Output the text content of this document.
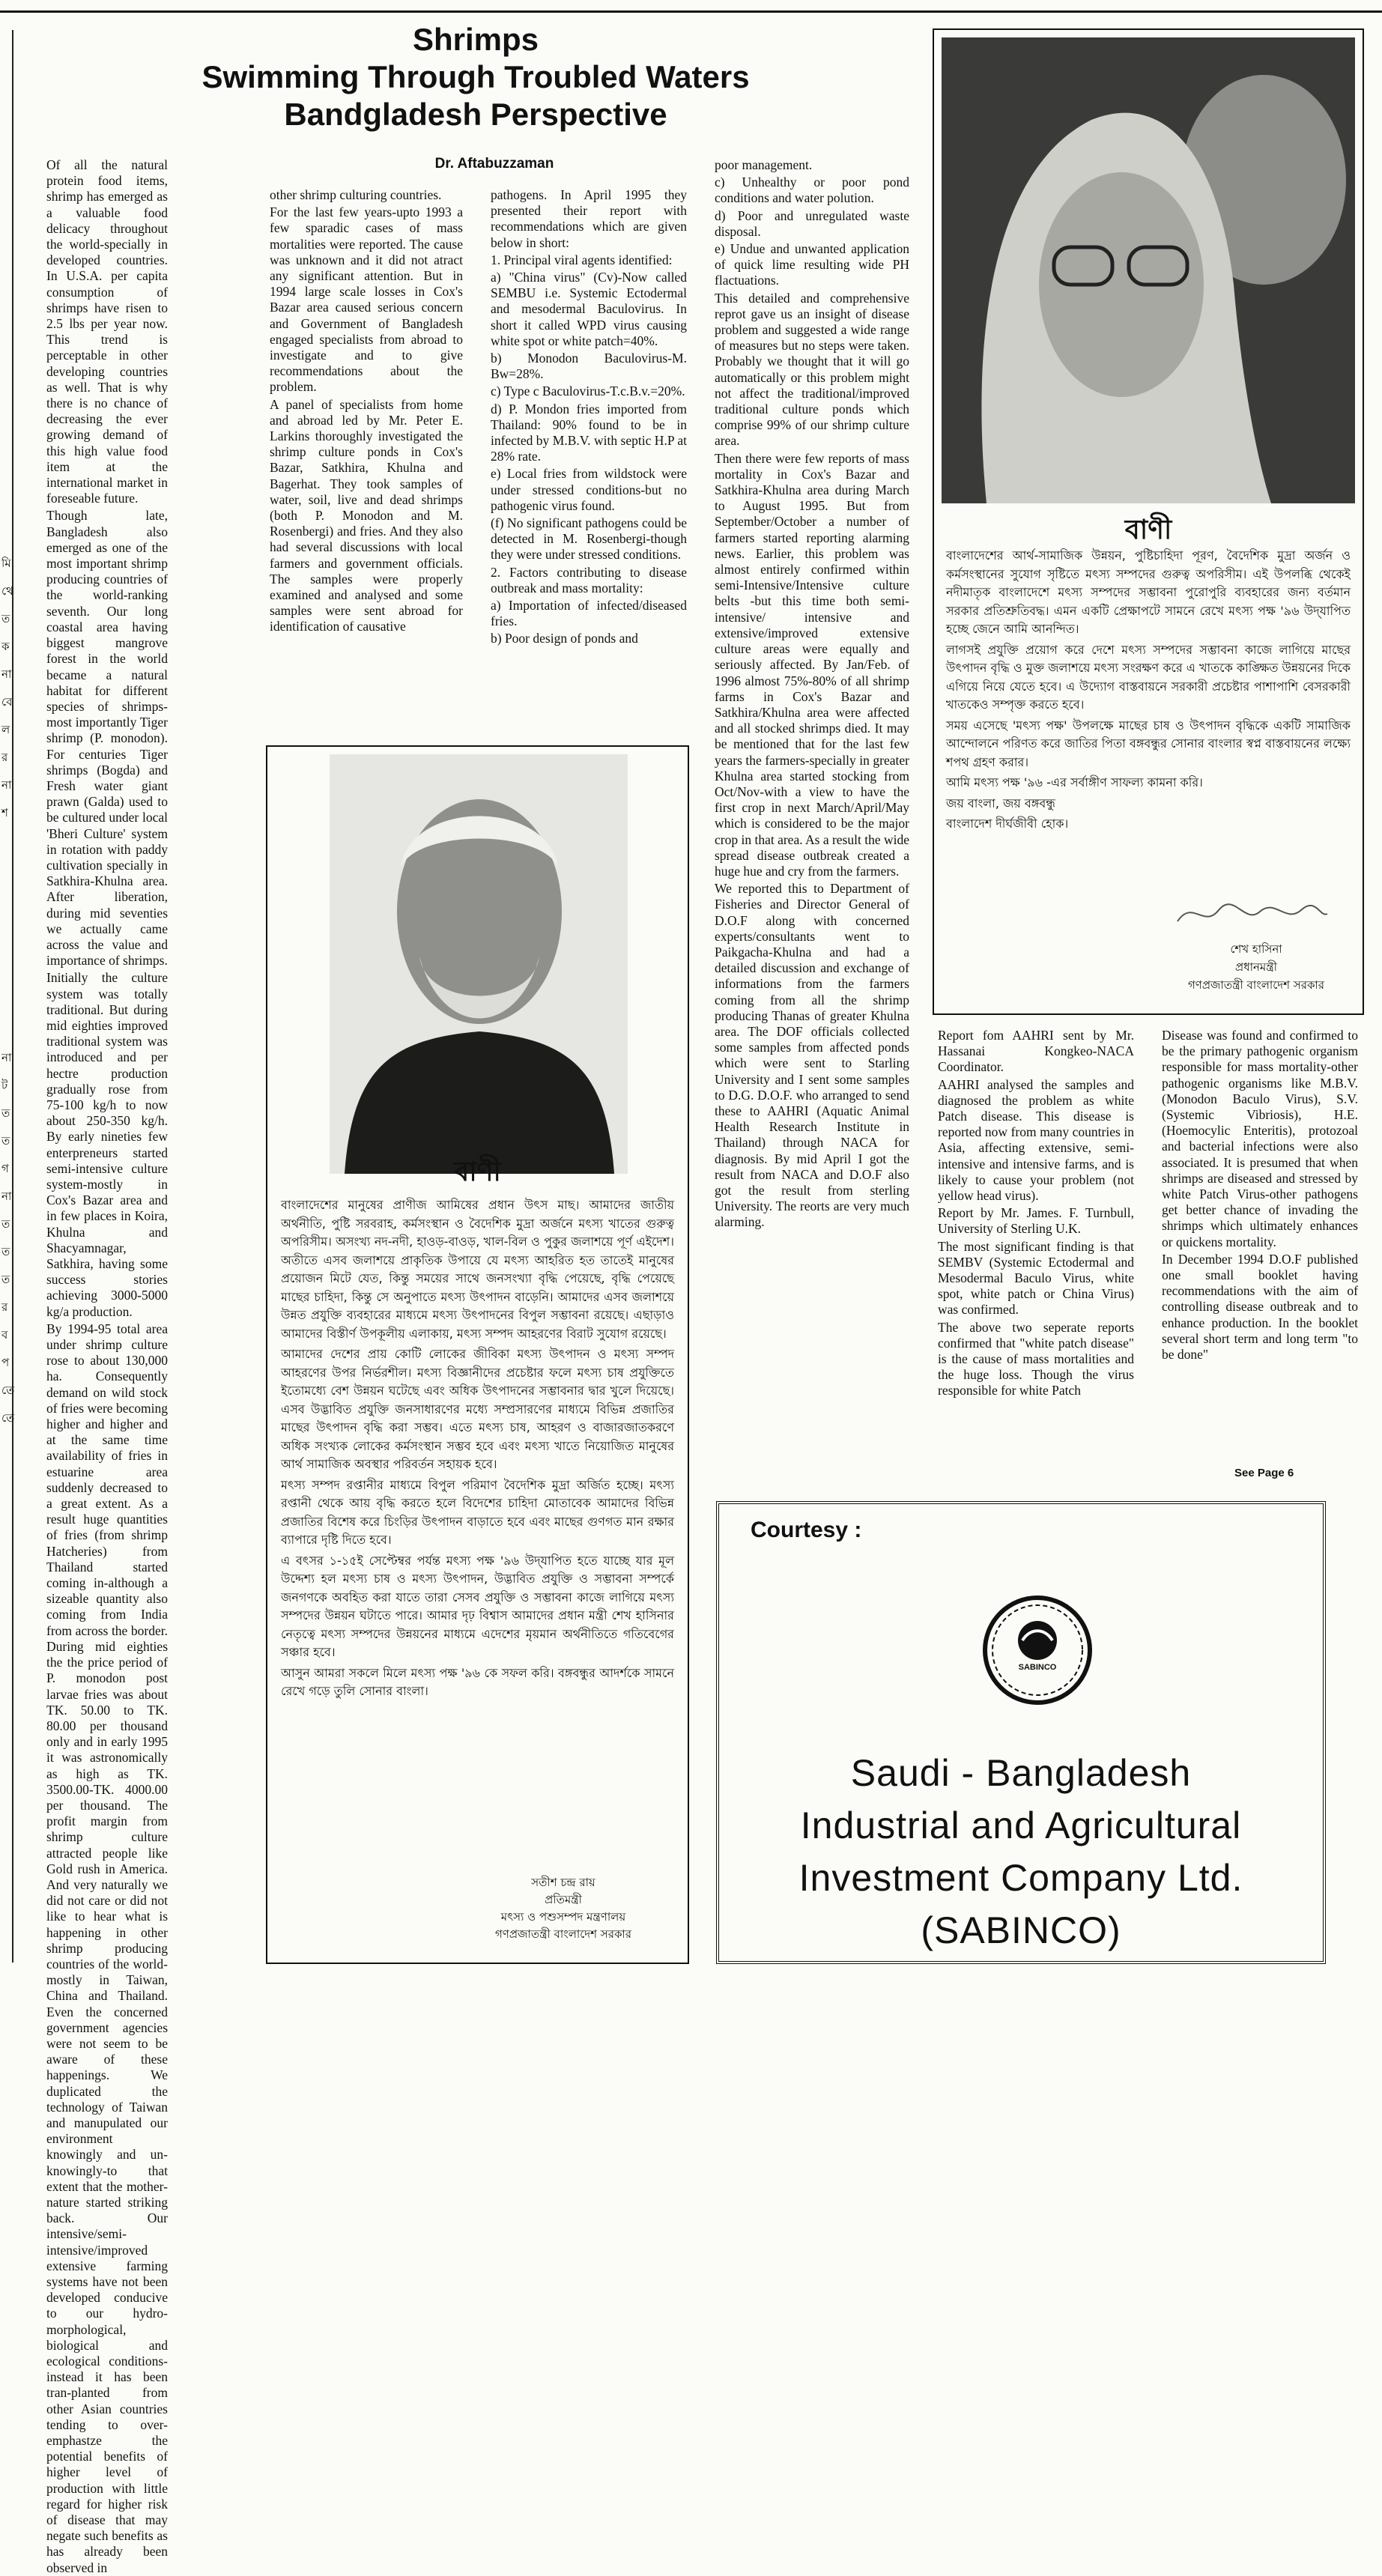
মি
থে
ত
ক
না
বে
ল
র
না
শ
না
ট
ত
ত
গ
না
ত
ত
ত
র
ব
প
তে
তে
Shrimps
Swimming Through Troubled Waters
Bandgladesh Perspective
Dr. Aftabuzzaman

Of all the natural protein food items, shrimp has emerged as a valuable food delicacy throughout the world-specially in developed countries. In U.S.A. per capita consumption of shrimps have risen to 2.5 lbs per year now. This trend is perceptable in other developing countries as well. That is why there is no chance of decreasing the ever growing demand of this high value food item at the international market in foreseable future.

Though late, Bangladesh also emerged as one of the most important shrimp producing countries of the world-ranking seventh. Our long coastal area having biggest mangrove forest in the world became a natural habitat for different species of shrimps-most importantly Tiger shrimp (P. monodon). For centuries Tiger shrimps (Bogda) and Fresh water giant prawn (Galda) used to be cultured under local 'Bheri Culture' system in rotation with paddy cultivation specially in Satkhira-Khulna area. After liberation, during mid seventies we actually came across the value and importance of shrimps.

Initially the culture system was totally traditional. But during mid eighties improved traditional system was introduced and per hectre production gradually rose from 75-100 kg/h to now about 250-350 kg/h. By early nineties few enterpreneurs started semi-intensive culture system-mostly in Cox's Bazar area and in few places in Koira, Khulna and Shacyamnagar, Satkhira, having some success stories achieving 3000-5000 kg/a production.

By 1994-95 total area under shrimp culture rose to about 130,000 ha. Consequently demand on wild stock of fries were becoming higher and higher and at the same time availability of fries in estuarine area suddenly decreased to a great extent. As a result huge quantities of fries (from shrimp Hatcheries) from Thailand started coming in-although a sizeable quantity also coming from India from across the border. During mid eighties the the price period of P. monodon post larvae fries was about TK. 50.00 to TK. 80.00 per thousand only and in early 1995 it was astronomically as high as TK. 3500.00-TK. 4000.00 per thousand. The profit margin from shrimp culture attracted people like Gold rush in America. And very naturally we did not care or did not like to hear what is happening in other shrimp producing countries of the world-mostly in Taiwan, China and Thailand. Even the concerned government agencies were not seem to be aware of these happenings. We duplicated the technology of Taiwan and manupulated our environment knowingly and un-knowingly-to that extent that the mother-nature started striking back. Our intensive/semi-intensive/improved extensive farming systems have not been developed conducive to our hydro-morphological, biological and ecological conditions-instead it has been tran-planted from other Asian countries tending to over-emphastze the potential benefits of higher level of production with little regard for higher risk of disease that may negate such benefits as has already been observed in

other shrimp culturing countries.

For the last few years-upto 1993 a few sparadic cases of mass mortalities were reported. The cause was unknown and it did not atract any significant attention. But in 1994 large scale losses in Cox's Bazar area caused serious concern and Government of Bangladesh engaged specialists from abroad to investigate and to give recommendations about the problem.

A panel of specialists from home and abroad led by Mr. Peter E. Larkins thoroughly investigated the shrimp culture ponds in Cox's Bazar, Satkhira, Khulna and Bagerhat. They took samples of water, soil, live and dead shrimps (both P. Monodon and M. Rosenbergi) and fries. And they also had several discussions with local farmers and government officials. The samples were properly examined and analysed and some samples were sent abroad for identification of causative

pathogens. In April 1995 they presented their report with recommendations which are given below in short:

1. Principal viral agents identified:

a) "China virus" (Cv)-Now called SEMBU i.e. Systemic Ectodermal and mesodermal Baculovirus. In short it called WPD virus causing white spot or white patch=40%.

b) Monodon Baculovirus-M. Bw=28%.

c) Type c Baculovirus-T.c.B.v.=20%.

d) P. Mondon fries imported from Thailand: 90% found to be in infected by M.B.V. with septic H.P at 28% rate.

e) Local fries from wildstock were under stressed conditions-but no pathogenic virus found.

(f) No significant pathogens could be detected in M. Rosenbergi-though they were under stressed conditions.

2. Factors contributing to disease outbreak and mass mortality:

a) Importation of infected/diseased fries.

b) Poor design of ponds and

poor management.

c) Unhealthy or poor pond conditions and water polution.

d) Poor and unregulated waste disposal.

e) Undue and unwanted application of quick lime resulting wide PH flactuations.

This detailed and comprehensive reprot gave us an insight of disease problem and suggested a wide range of measures but no steps were taken. Probably we thought that it will go automatically or this problem might not affect the traditional/improved traditional culture ponds which comprise 99% of our shrimp culture area.

Then there were few reports of mass mortality in Cox's Bazar and Satkhira-Khulna area during March to August 1995. But from September/October a number of farmers started reporting alarming news. Earlier, this problem was almost entirely confirmed within semi-Intensive/Intensive culture belts -but this time both semi-intensive/ intensive and extensive/improved extensive culture areas were equally and seriously affected. By Jan/Feb. of 1996 almost 75%-80% of all shrimp farms in Cox's Bazar and Satkhira/Khulna area were affected and all stocked shrimps died. It may be mentioned that for the last few years the farmers-specially in greater Khulna area started stocking from Oct/Nov-with a view to have the first crop in next March/April/May which is considered to be the major crop in that area. As a result the wide spread disease outbreak created a huge hue and cry from the farmers.

We reported this to Department of Fisheries and Director General of D.O.F along with concerned experts/consultants went to Paikgacha-Khulna and had a detailed discussion and exchange of informations from the farmers coming from all the shrimp producing Thanas of greater Khulna area. The DOF officials collected some samples from affected ponds which were sent to Starling University and I sent some samples to D.G. D.O.F. who arranged to send these to AAHRI (Aquatic Animal Health Research Institute in Thailand) through NACA for diagnosis. By mid April I got the result from NACA and D.O.F also got the result from sterling University. The reorts are very much alarming.

Report fom AAHRI sent by Mr. Hassanai Kongkeo-NACA Coordinator.

AAHRI analysed the samples and diagnosed the problem as white Patch disease. This disease is reported now from many countries in Asia, affecting extensive, semi-intensive and intensive farms, and is likely to cause your problem (not yellow head virus).

Report by Mr. James. F. Turnbull, University of Sterling U.K.

The most significant finding is that SEMBV (Systemic Ectodermal and Mesodermal Baculo Virus, white spot, white patch or China Virus) was confirmed.

The above two seperate reports confirmed that "white patch disease" is the cause of mass mortalities and the huge loss. Though the virus responsible for white Patch

Disease was found and confirmed to be the primary pathogenic organism responsible for mass mortality-other pathogenic organisms like M.B.V. (Monodon Baculo Virus), S.V. (Systemic Vibriosis), H.E. (Hoemocylic Enteritis), protozoal and bacterial infections were also associated. It is presumed that when shrimps are diseased and stressed by white Patch Virus-other pathogens get better chance of invading the shrimps which ultimately enhances or quickens mortality.

In December 1994 D.O.F published one small booklet having recommendations with the aim of controlling disease outbreak and to enhance production. In the booklet several short term and long term "to be done"

See Page 6
বাণী

বাংলাদেশের আর্থ-সামাজিক উন্নয়ন, পুষ্টিচাহিদা পূরণ, বৈদেশিক মুদ্রা অর্জন ও কর্মসংস্থানের সুযোগ সৃষ্টিতে মৎস্য সম্পদের গুরুত্ব অপরিসীম। এই উপলব্ধি থেকেই নদীমাতৃক বাংলাদেশে মৎস্য সম্পদের সম্ভাবনা পুরোপুরি ব্যবহারের জন্য বর্তমান সরকার প্রতিশ্রুতিবদ্ধ। এমন একটি প্রেক্ষাপটে সামনে রেখে মৎস্য পক্ষ '৯৬ উদ্‌যাপিত হচ্ছে জেনে আমি আনন্দিত।

লাগসই প্রযুক্তি প্রয়োগ করে দেশে মৎস্য সম্পদের সম্ভাবনা কাজে লাগিয়ে মাছের উৎপাদন বৃদ্ধি ও মুক্ত জলাশয়ে মৎস্য সংরক্ষণ করে এ খাতকে কাঙ্ক্ষিত উন্নয়নের দিকে এগিয়ে নিয়ে যেতে হবে। এ উদ্যোগ বাস্তবায়নে সরকারী প্রচেষ্টার পাশাপাশি বেসরকারী খাতকেও সম্পৃক্ত করতে হবে।

সময় এসেছে 'মৎস্য পক্ষ' উপলক্ষে মাছের চাষ ও উৎপাদন বৃদ্ধিকে একটি সামাজিক আন্দোলনে পরিণত করে জাতির পিতা বঙ্গবন্ধুর সোনার বাংলার স্বপ্ন বাস্তবায়নের লক্ষ্যে শপথ গ্রহণ করার।

আমি মৎস্য পক্ষ '৯৬ -এর সর্বাঙ্গীণ সাফল্য কামনা করি।

জয় বাংলা, জয় বঙ্গবন্ধু

বাংলাদেশ দীর্ঘজীবী হোক।

শেখ হাসিনা
প্রধানমন্ত্রী
গণপ্রজাতন্ত্রী বাংলাদেশ সরকার
বাণী

বাংলাদেশের মানুষের প্রাণীজ আমিষের প্রধান উৎস মাছ। আমাদের জাতীয় অর্থনীতি, পুষ্টি সরবরাহ, কর্মসংস্থান ও বৈদেশিক মুদ্রা অর্জনে মৎস্য খাতের গুরুত্ব অপরিসীম। অসংখ্য নদ-নদী, হাওড়-বাওড়, খাল-বিল ও পুকুর জলাশয়ে পূর্ণ এইদেশ। অতীতে এসব জলাশয়ে প্রাকৃতিক উপায়ে যে মৎস্য আহরিত হত তাতেই মানুষের প্রয়োজন মিটে যেত, কিন্তু সময়ের সাথে জনসংখ্যা বৃদ্ধি পেয়েছে, বৃদ্ধি পেয়েছে মাছের চাহিদা, কিন্তু সে অনুপাতে মৎস্য উৎপাদন বাড়েনি। আমাদের এসব জলাশয়ে উন্নত প্রযুক্তি ব্যবহারের মাধ্যমে মৎস্য উৎপাদনের বিপুল সম্ভাবনা রয়েছে। এছাড়াও আমাদের বিস্তীর্ণ উপকূলীয় এলাকায়, মৎস্য সম্পদ আহরণের বিরাট সুযোগ রয়েছে।

আমাদের দেশের প্রায় কোটি লোকের জীবিকা মৎস্য উৎপাদন ও মৎস্য সম্পদ আহরণের উপর নির্ভরশীল। মৎস্য বিজ্ঞানীদের প্রচেষ্টার ফলে মৎস্য চাষ প্রযুক্তিতে ইতোমধ্যে বেশ উন্নয়ন ঘটেছে এবং অধিক উৎপাদনের সম্ভাবনার দ্বার খুলে দিয়েছে। এসব উদ্ভাবিত প্রযুক্তি জনসাধারণের মধ্যে সম্প্রসারণের মাধ্যমে বিভিন্ন প্রজাতির মাছের উৎপাদন বৃদ্ধি করা সম্ভব। এতে মৎস্য চাষ, আহরণ ও বাজারজাতকরণে অধিক সংখ্যক লোকের কর্মসংস্থান সম্ভব হবে এবং মৎস্য খাতে নিয়োজিত মানুষের আর্থ সামাজিক অবস্থার পরিবর্তন সহায়ক হবে।

মৎস্য সম্পদ রপ্তানীর মাধ্যমে বিপুল পরিমাণ বৈদেশিক মুদ্রা অর্জিত হচ্ছে। মৎস্য রপ্তানী থেকে আয় বৃদ্ধি করতে হলে বিদেশের চাহিদা মোতাবেক আমাদের বিভিন্ন প্রজাতির বিশেষ করে চিংড়ির উৎপাদন বাড়াতে হবে এবং মাছের গুণগত মান রক্ষার ব্যাপারে দৃষ্টি দিতে হবে।

এ বৎসর ১-১৫ই সেপ্টেম্বর পর্যন্ত মৎস্য পক্ষ '৯৬ উদ্‌যাপিত হতে যাচ্ছে যার মূল উদ্দেশ্য হল মৎস্য চাষ ও মৎস্য উৎপাদন, উদ্ভাবিত প্রযুক্তি ও সম্ভাবনা সম্পর্কে জনগণকে অবহিত করা যাতে তারা সেসব প্রযুক্তি ও সম্ভাবনা কাজে লাগিয়ে মৎস্য সম্পদের উন্নয়ন ঘটাতে পারে। আমার দৃঢ় বিশ্বাস আমাদের প্রধান মন্ত্রী শেখ হাসিনার নেতৃত্বে মৎস্য সম্পদের উন্নয়নের মাধ্যমে এদেশের মৃয়মান অর্থনীতিতে গতিবেগের সঞ্চার হবে।

আসুন আমরা সকলে মিলে মৎস্য পক্ষ '৯৬ কে সফল করি। বঙ্গবন্ধুর আদর্শকে সামনে রেখে গড়ে তুলি সোনার বাংলা।

সতীশ চন্দ্র রায়
প্রতিমন্ত্রী
মৎস্য ও পশুসম্পদ মন্ত্রণালয়
গণপ্রজাতন্ত্রী বাংলাদেশ সরকার
Courtesy :
SABINCO
Saudi - Bangladesh
Industrial and Agricultural
Investment Company Ltd.
(SABINCO)
